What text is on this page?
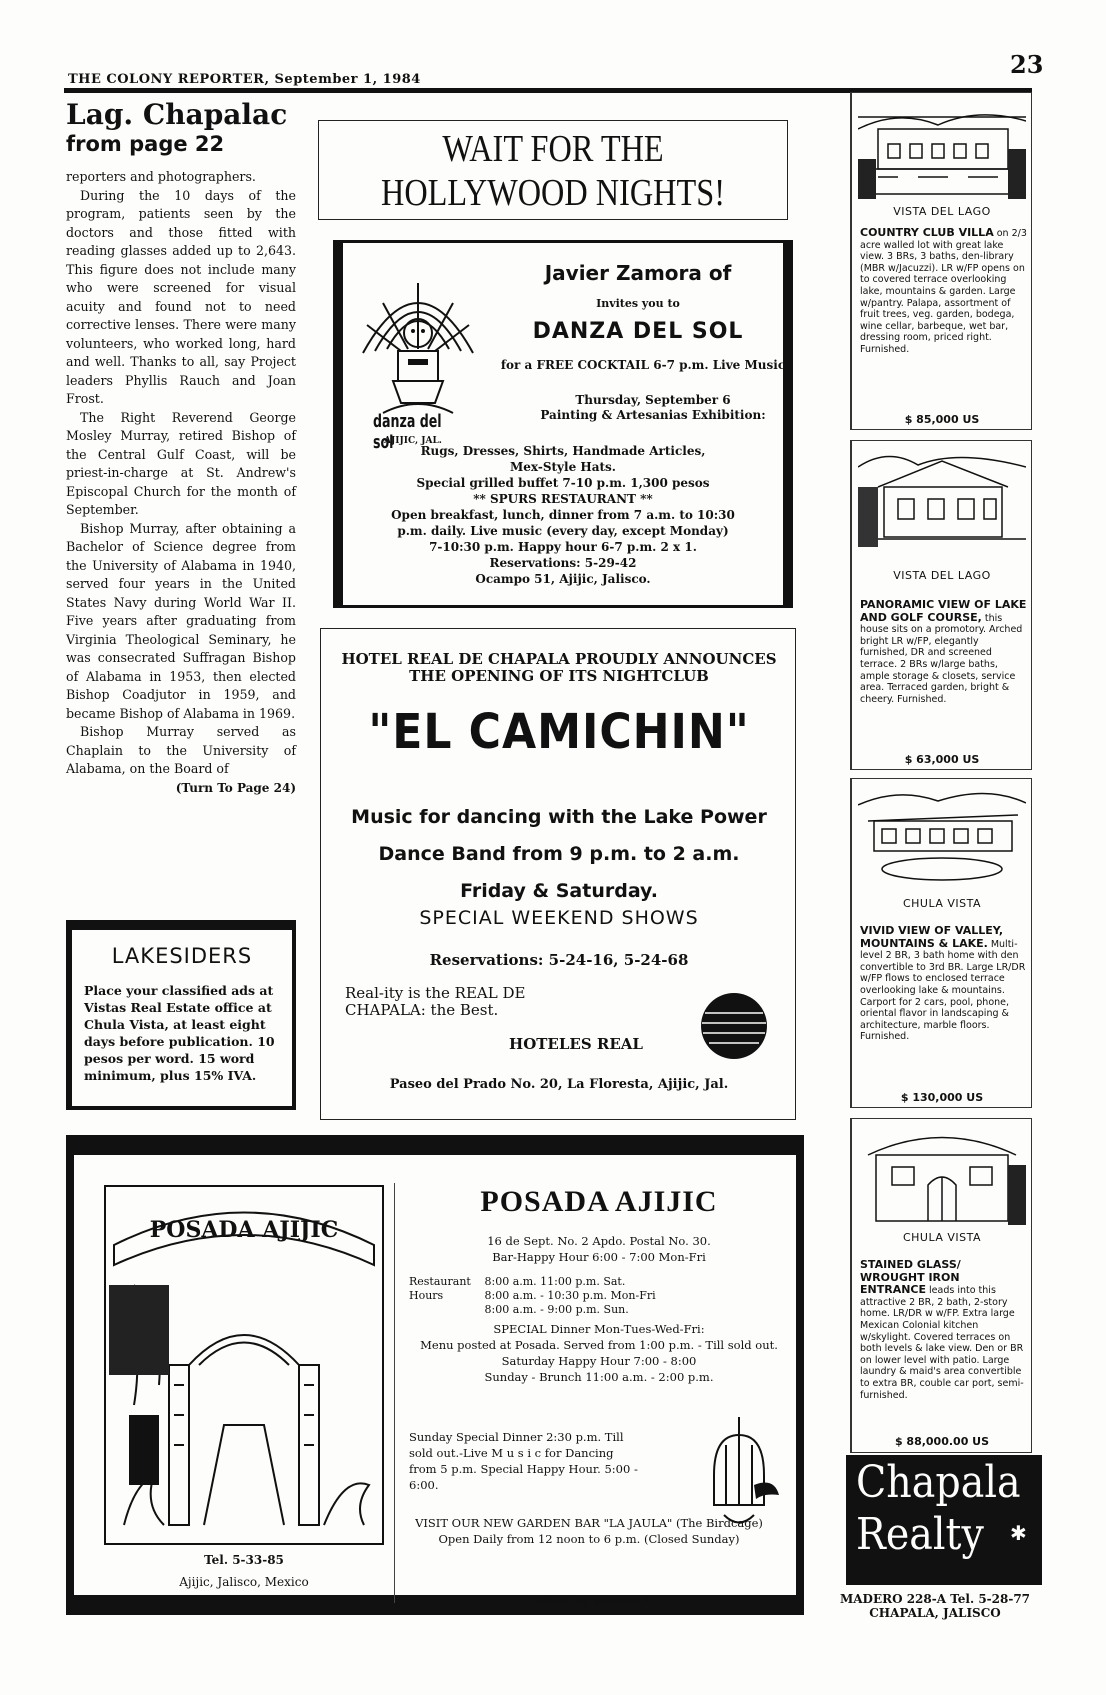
THE COLONY REPORTER, September 1, 1984
23
Lag. Chapalac
from page 22

reporters and photographers.

During the 10 days of the program, patients seen by the doctors and those fitted with reading glasses added up to 2,643. This figure does not include many who were screened for visual acuity and found not to need corrective lenses. There were many volunteers, who worked long, hard and well. Thanks to all, say Project leaders Phyllis Rauch and Joan Frost.

The Right Reverend George Mosley Murray, retired Bishop of the Central Gulf Coast, will be priest-in-charge at St. Andrew's Episcopal Church for the month of September.

Bishop Murray, after obtaining a Bachelor of Science degree from the University of Alabama in 1940, served four years in the United States Navy during World War II. Five years after graduating from Virginia Theological Seminary, he was consecrated Suffragan Bishop of Alabama in 1953, then elected Bishop Coadjutor in 1959, and became Bishop of Alabama in 1969.

Bishop Murray served as Chaplain to the University of Alabama, on the Board of

(Turn To Page 24)
LAKESIDERS
Place your classified ads at Vistas Real Estate office at Chula Vista, at least eight days before publication. 10 pesos per word. 15 word minimum, plus 15% IVA.
WAIT FOR THE
HOLLYWOOD NIGHTS!
danza del sol
AJIJIC, JAL.
Javier Zamora of
Invites you to
DANZA DEL SOL
for a FREE COCKTAIL 6-7 p.m. Live Music
Thursday, September 6
Painting & Artesanias Exhibition:
Rugs, Dresses, Shirts, Handmade Articles,
Mex-Style Hats.
Special grilled buffet 7-10 p.m. 1,300 pesos
** SPURS RESTAURANT **
Open breakfast, lunch, dinner from 7 a.m. to 10:30
p.m. daily. Live music (every day, except Monday)
7-10:30 p.m. Happy hour 6-7 p.m. 2 x 1.
Reservations: 5-29-42
Ocampo 51, Ajijic, Jalisco.
HOTEL REAL DE CHAPALA PROUDLY ANNOUNCES THE OPENING OF ITS NIGHTCLUB
"EL CAMICHIN"
Music for dancing with the Lake Power
Dance Band from 9 p.m. to 2 a.m.
Friday & Saturday.
SPECIAL WEEKEND SHOWS
Reservations: 5-24-16, 5-24-68
Real-ity is the REAL DE CHAPALA: the Best.
HOTELES REAL
Paseo del Prado No. 20, La Floresta, Ajijic, Jal.
POSADA AJIJIC
Tel. 5-33-85
Ajijic, Jalisco, Mexico
POSADA AJIJIC
16 de Sept. No. 2 Apdo. Postal No. 30.
Bar-Happy Hour 6:00 - 7:00 Mon-Fri
Restaurant Hours
8:00 a.m. 11:00 p.m. Sat.
8:00 a.m. - 10:30 p.m. Mon-Fri
8:00 a.m. - 9:00 p.m. Sun.
SPECIAL Dinner Mon-Tues-Wed-Fri:
Menu posted at Posada. Served from 1:00 p.m. - Till sold out.
Saturday Happy Hour 7:00 - 8:00
Sunday - Brunch 11:00 a.m. - 2:00 p.m.
Sunday Special Dinner 2:30 p.m. Till sold out.-Live M u s i c for Dancing from 5 p.m. Special Happy Hour. 5:00 - 6:00.
VISIT OUR NEW GARDEN BAR "LA JAULA" (The Birdcage) Open Daily from 12 noon to 6 p.m. (Closed Sunday)
* Piano by Manuel *
VISTA DEL LAGO
COUNTRY CLUB VILLA on 2/3 acre walled lot with great lake view. 3 BRs, 3 baths, den-library (MBR w/Jacuzzi). LR w/FP opens on to covered terrace overlooking lake, mountains & garden. Large w/pantry. Palapa, assortment of fruit trees, veg. garden, bodega, wine cellar, barbeque, wet bar, dressing room, priced right. Furnished.
$ 85,000 US
VISTA DEL LAGO
PANORAMIC VIEW OF LAKE AND GOLF COURSE, this house sits on a promotory. Arched bright LR w/FP, elegantly furnished, DR and screened terrace. 2 BRs w/large baths, ample storage & closets, service area. Terraced garden, bright & cheery. Furnished.
$ 63,000 US
CHULA VISTA
VIVID VIEW OF VALLEY, MOUNTAINS & LAKE. Multi-level 2 BR, 3 bath home with den convertible to 3rd BR. Large LR/DR w/FP flows to enclosed terrace overlooking lake & mountains. Carport for 2 cars, pool, phone, oriental flavor in landscaping & architecture, marble floors. Furnished.
$ 130,000 US
CHULA VISTA
STAINED GLASS/ WROUGHT IRON ENTRANCE leads into this attractive 2 BR, 2 bath, 2-story home. LR/DR w w/FP. Extra large Mexican Colonial kitchen w/skylight. Covered terraces on both levels & lake view. Den or BR on lower level with patio. Large laundry & maid's area convertible to extra BR, couble car port, semi-furnished.
$ 88,000.00 US
Chapala Realty	✱
MADERO 228-A Tel. 5-28-77
CHAPALA, JALISCO
